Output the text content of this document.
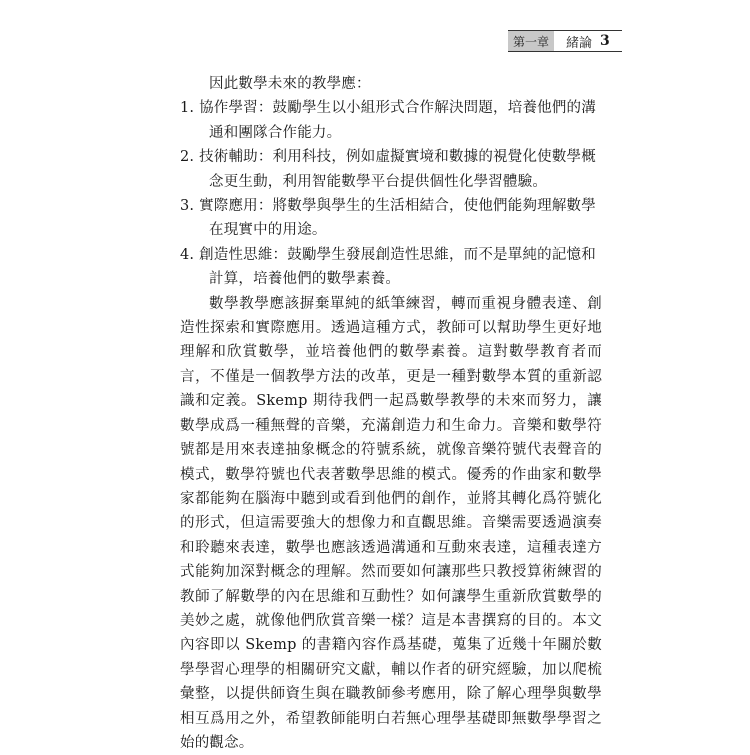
第一章	緒論 3

因此數學未來的教學應：

1. 協作學習：鼓勵學生以小組形式合作解決問題，培養他們的溝通和團隊合作能力。
2. 技術輔助：利用科技，例如虛擬實境和數據的視覺化使數學概念更生動，利用智能數學平台提供個性化學習體驗。
3. 實際應用：將數學與學生的生活相結合，使他們能夠理解數學在現實中的用途。
4. 創造性思維：鼓勵學生發展創造性思維，而不是單純的記憶和計算，培養他們的數學素養。

數學教學應該摒棄單純的紙筆練習，轉而重視身體表達、創造性探索和實際應用。透過這種方式，教師可以幫助學生更好地理解和欣賞數學，並培養他們的數學素養。這對數學教育者而言，不僅是一個教學方法的改革，更是一種對數學本質的重新認識和定義。Skemp 期待我們一起爲數學教學的未來而努力，讓數學成爲一種無聲的音樂，充滿創造力和生命力。音樂和數學符號都是用來表達抽象概念的符號系統，就像音樂符號代表聲音的模式，數學符號也代表著數學思維的模式。優秀的作曲家和數學家都能夠在腦海中聽到或看到他們的創作，並將其轉化爲符號化的形式，但這需要強大的想像力和直觀思維。音樂需要透過演奏和聆聽來表達，數學也應該透過溝通和互動來表達，這種表達方式能夠加深對概念的理解。然而要如何讓那些只教授算術練習的教師了解數學的內在思維和互動性？如何讓學生重新欣賞數學的美妙之處，就像他們欣賞音樂一樣？這是本書撰寫的目的。本文內容即以 Skemp 的書籍內容作爲基礎，蒐集了近幾十年關於數學學習心理學的相關研究文獻，輔以作者的研究經驗，加以爬梳彙整，以提供師資生與在職教師參考應用，除了解心理學與數學相互爲用之外，希望教師能明白若無心理學基礎即無數學學習之始的觀念。
